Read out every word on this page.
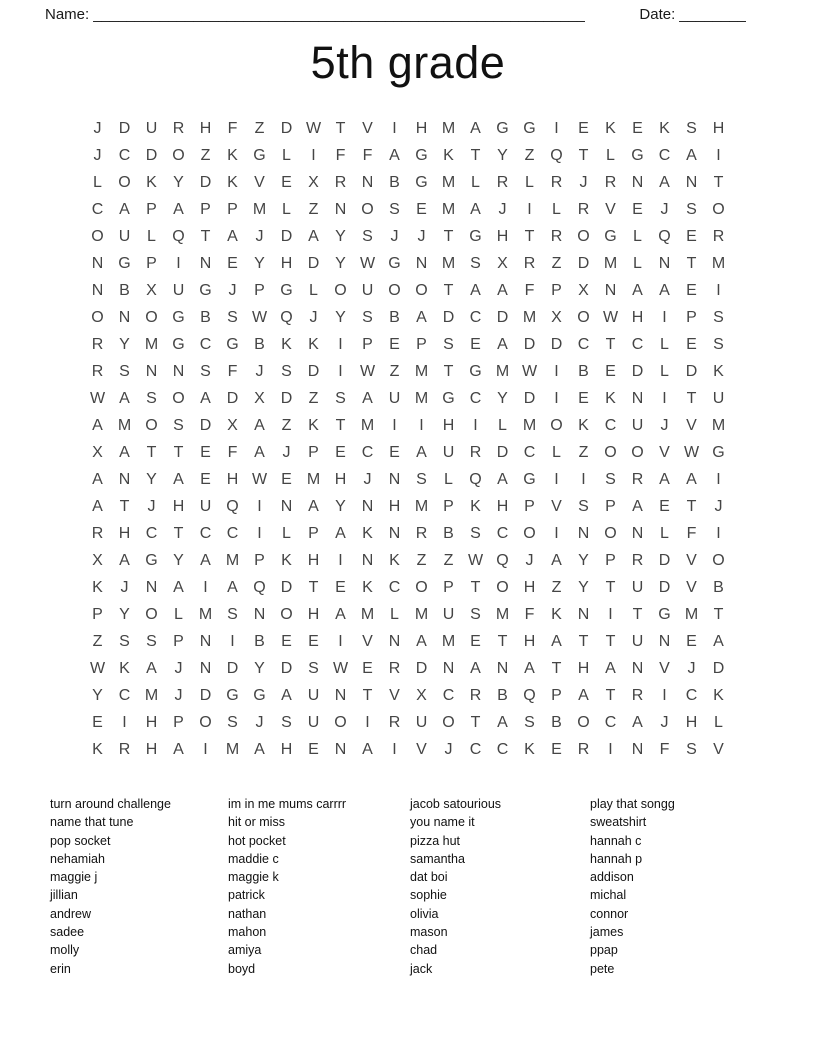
Name: ___________________________________________________________	Date: ________
5th grade
J	D U R H	F	Z	D W T	V	I	H M A G G	I	E	K	E	K	S H
J	C D O Z	K G	L	I	F	F	A G K	T	Y	Z Q T	L	G C A	I
L	O K	Y D K	V	E	X R N B G M L	R	L	R	J	R N A N	T
C A	P	A	P	P M L	Z	N O S	E M A	J	I	L	R V	E	J	S O
O U	L	Q T	A	J	D A	Y	S	J	J	T G H	T	R O G	L	Q E R
N G P	I	N E	Y H D Y W G N M S	X R	Z	D M L	N	T M
N B	X U G	J	P G	L	O U O O T	A	A	F	P	X N A	A	E	I
O N O G B	S W Q	J	Y	S	B	A D C D M X O W H	I	P	S
R Y M G C G B	K	K	I	P	E	P	S	E	A D D C	T	C	L	E	S
R S N N S	F	J	S D	I	W Z M T G M W	I	B	E D	L	D K
W A	S O A D X D	Z	S	A U M G C Y D	I	E	K N	I	T	U
A M O S D X	A	Z	K	T M	I	I	H	I	L M O K C U	J	V M
X	A	T	T	E	F	A	J	P	E C E	A U R D C	L	Z O O V W G
A N Y	A	E H W E M H	J	N S	L	Q A G	I	I	S R A	A	I
A	T	J	H U Q	I	N A	Y N H M P	K H P	V	S	P	A	E	T	J
R H C	T	C C	I	L	P	A	K N R B	S C O	I	N O N	L	F	I
X	A G Y	A M P	K H	I	N K	Z	Z W Q	J	A	Y	P R D V O
K	J	N A	I	A Q D	T	E	K C O P	T O H	Z	Y	T	U D V	B
P	Y O	L M S N O H A M L M U S M F	K N	I	T G M T
Z	S	S	P N	I	B	E	E	I	V N A M E	T	H A	T	T	U N E	A
W K	A	J	N D Y D S W E R D N A N A	T	H A N V	J	D
Y C M	J	D G G A U N	T	V	X C R B Q P	A	T	R	I	C K
E	I	H P O S	J	S U O	I	R U O T	A	S	B O C A	J	H	L
K R H A	I	M A H E N A	I	V	J	C C K	E R	I	N	F	S	V
turn around challenge
name that tune
pop socket
nehamiah
maggie j
jillian
andrew
sadee
molly
erin
im in me mums carrrr
hit or miss
hot pocket
maddie c
maggie k
patrick
nathan
mahon
amiya
boyd
jacob satourious
you name it
pizza hut
samantha
dat boi
sophie
olivia
mason
chad
jack
play that songg
sweatshirt
hannah c
hannah p
addison
michal
connor
james
ppap
pete
